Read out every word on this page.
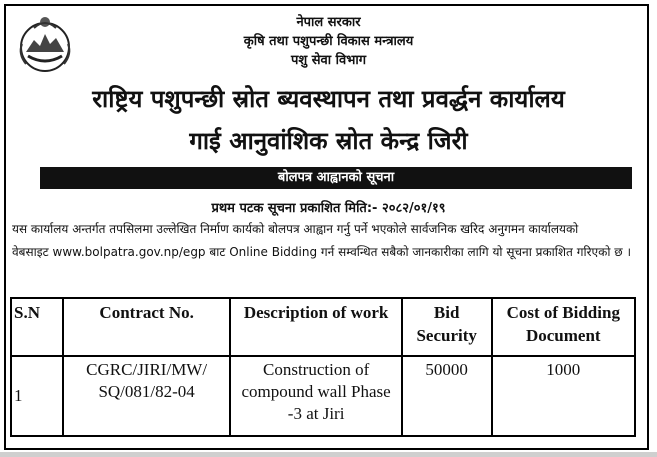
नेपाल सरकार
कृषि तथा पशुपन्छी विकास मन्त्रालय
पशु सेवा विभाग
राष्ट्रिय पशुपन्छी स्रोत ब्यवस्थापन तथा प्रवर्द्धन कार्यालय
गाई आनुवांशिक स्रोत केन्द्र जिरी
बोलपत्र आह्वानको सूचना
प्रथम पटक सूचना प्रकाशित मिति:- २०८२/०१/१९
यस कार्यालय अन्तर्गत तपसिलमा उल्लेखित निर्माण कार्यको बोलपत्र आह्वान गर्नु पर्ने भएकोले सार्वजनिक खरिद अनुगमन कार्यालयको
वेबसाइट www.bolpatra.gov.np/egp बाट Online Bidding गर्न सम्वन्धित सबैको जानकारीका लागि यो सूचना प्रकाशित गरिएको छ ।
S.N	Contract No.	Description of work	Bid Security	Cost of Bidding Document
1	CGRC/JIRI/MW/ SQ/081/82-04	Construction of compound wall Phase -3 at Jiri	50000	1000
